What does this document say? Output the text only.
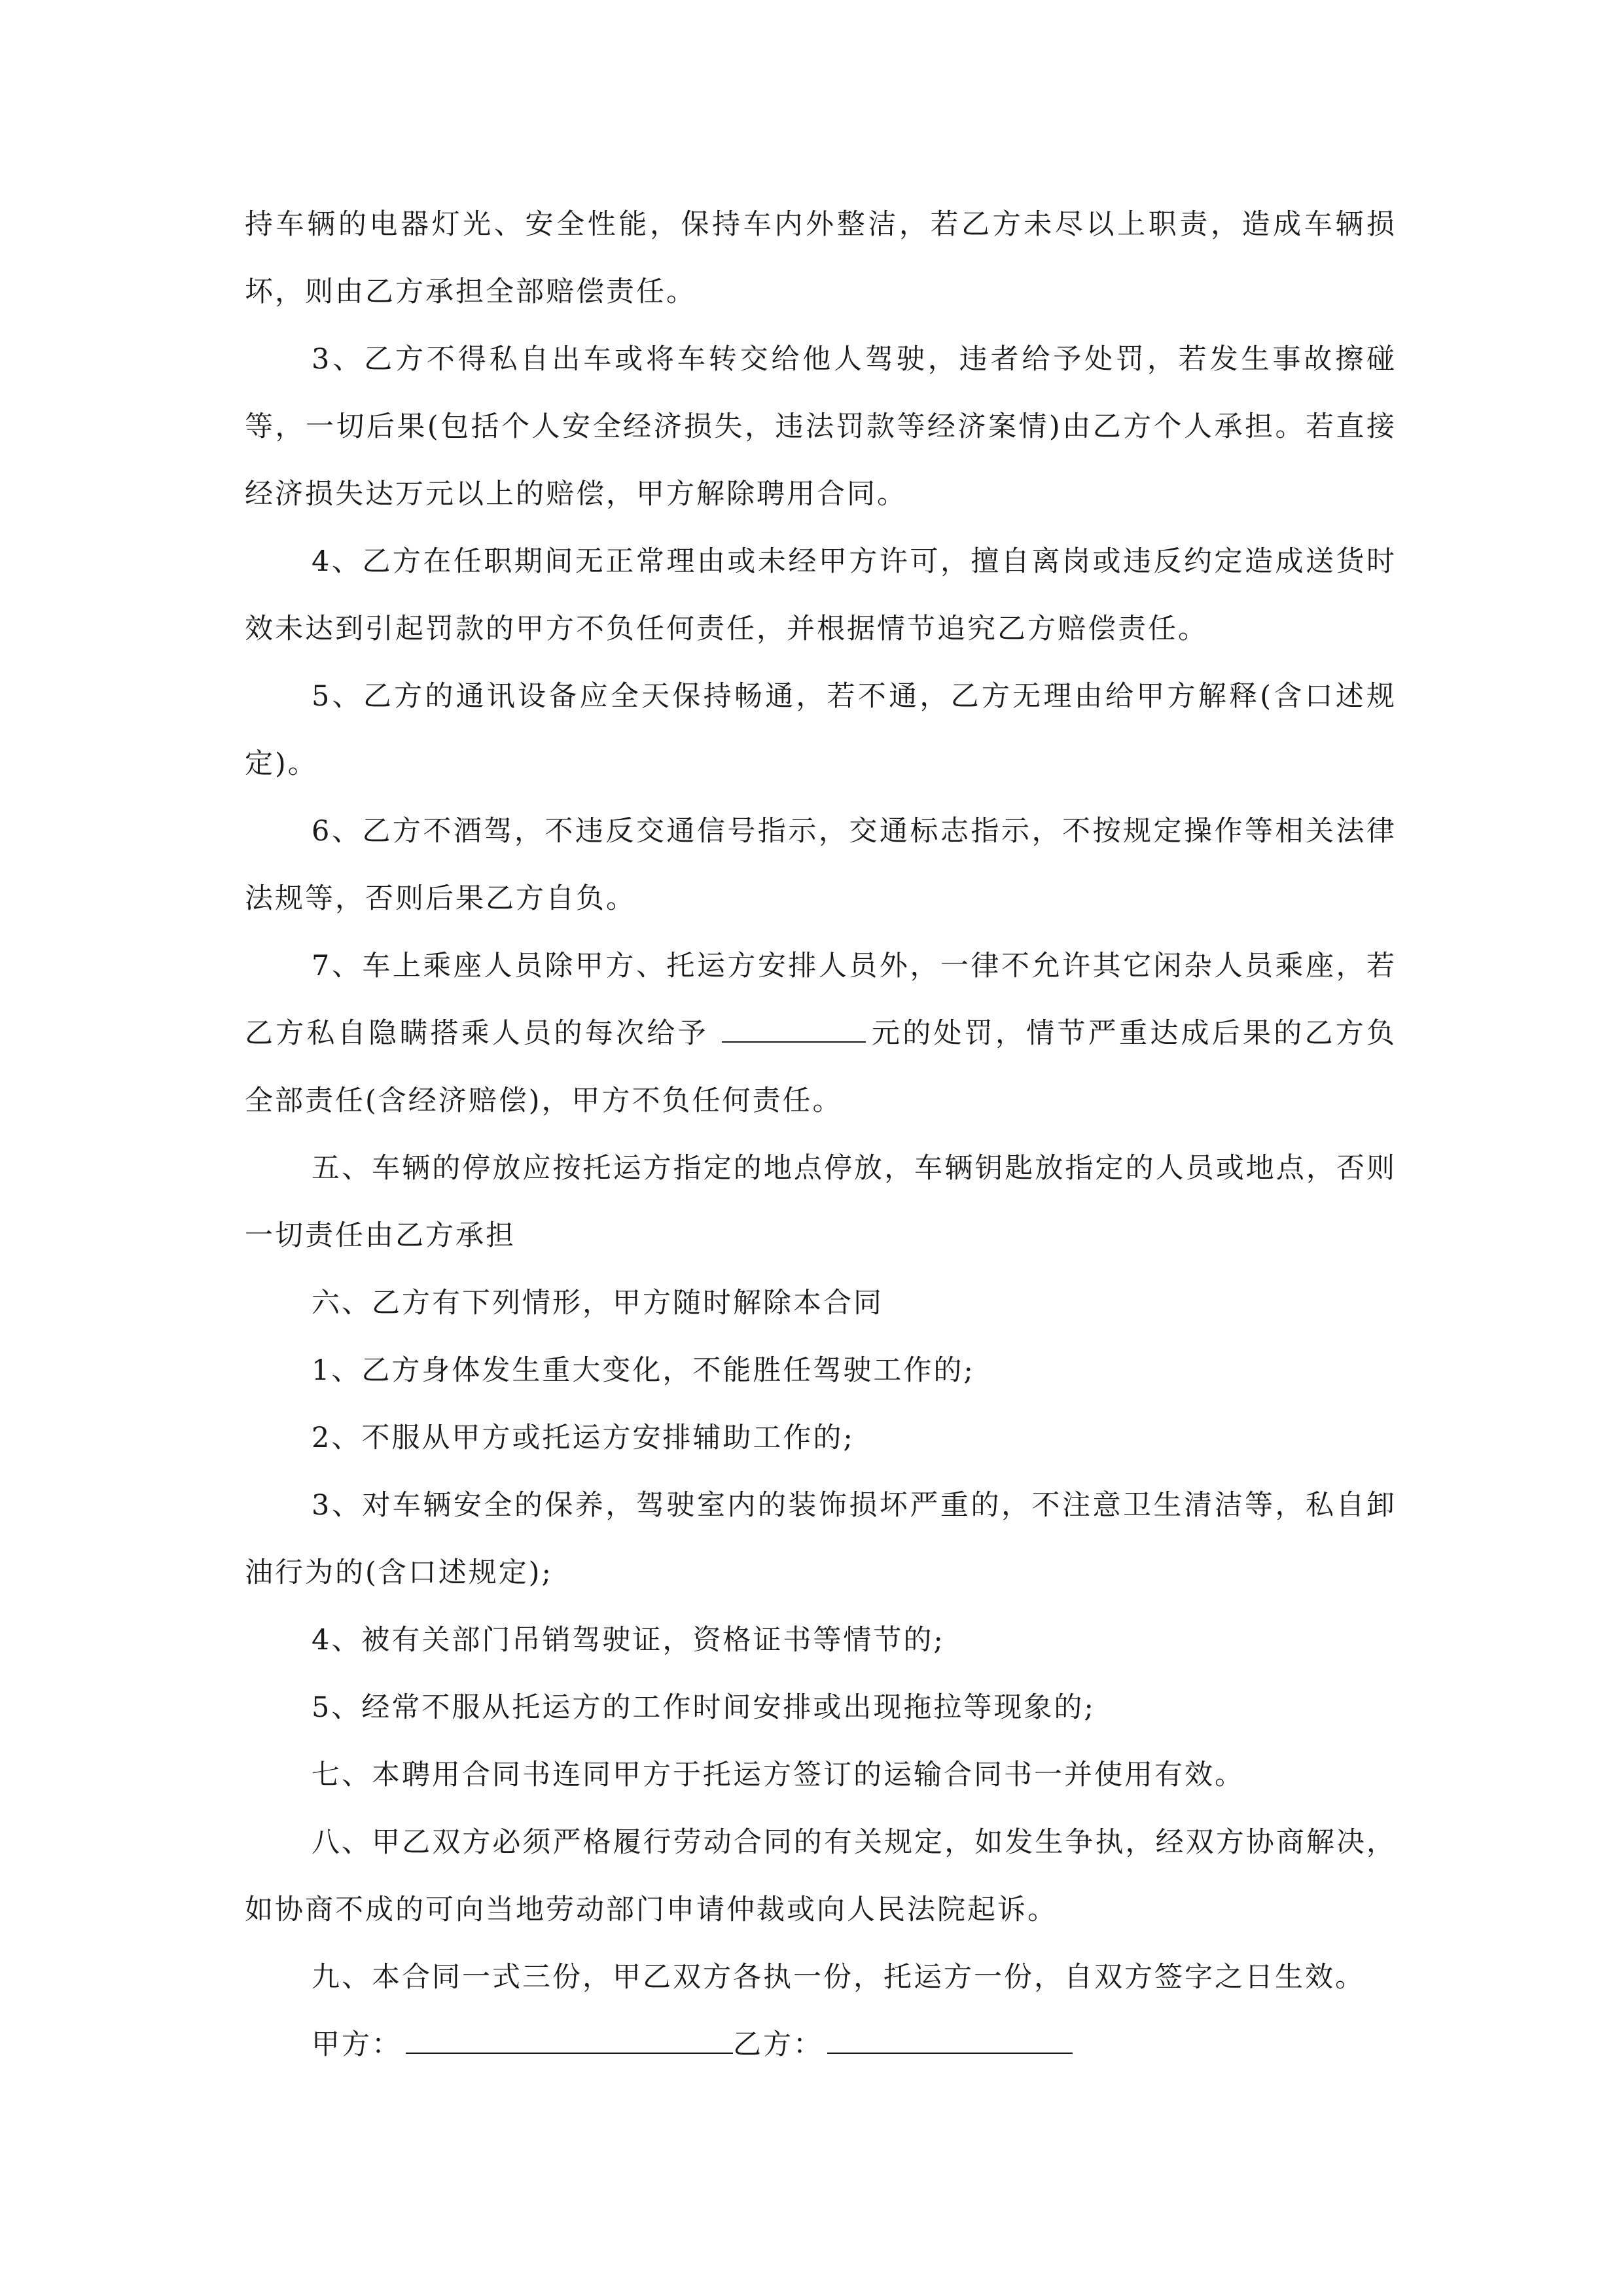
持车辆的电器灯光、安全性能，保持车内外整洁，若乙方未尽以上职责，造成车辆损坏，则由乙方承担全部赔偿责任。

3、乙方不得私自出车或将车转交给他人驾驶，违者给予处罚，若发生事故擦碰等，一切后果(包括个人安全经济损失，违法罚款等经济案情)由乙方个人承担。若直接经济损失达万元以上的赔偿，甲方解除聘用合同。

4、乙方在任职期间无正常理由或未经甲方许可，擅自离岗或违反约定造成送货时效未达到引起罚款的甲方不负任何责任，并根据情节追究乙方赔偿责任。

5、乙方的通讯设备应全天保持畅通，若不通，乙方无理由给甲方解释(含口述规定)。

6、乙方不酒驾，不违反交通信号指示，交通标志指示，不按规定操作等相关法律法规等，否则后果乙方自负。

7、车上乘座人员除甲方、托运方安排人员外，一律不允许其它闲杂人员乘座，若乙方私自隐瞒搭乘人员的每次给予	元的处罚，情节严重达成后果的乙方负全部责任(含经济赔偿)，甲方不负任何责任。

五、车辆的停放应按托运方指定的地点停放，车辆钥匙放指定的人员或地点，否则一切责任由乙方承担

六、乙方有下列情形，甲方随时解除本合同

1、乙方身体发生重大变化，不能胜任驾驶工作的;

2、不服从甲方或托运方安排辅助工作的;

3、对车辆安全的保养，驾驶室内的装饰损坏严重的，不注意卫生清洁等，私自卸油行为的(含口述规定);

4、被有关部门吊销驾驶证，资格证书等情节的;

5、经常不服从托运方的工作时间安排或出现拖拉等现象的;

七、本聘用合同书连同甲方于托运方签订的运输合同书一并使用有效。

八、甲乙双方必须严格履行劳动合同的有关规定，如发生争执，经双方协商解决，如协商不成的可向当地劳动部门申请仲裁或向人民法院起诉。

九、本合同一式三份，甲乙双方各执一份，托运方一份，自双方签字之日生效。

甲方：	乙方：
